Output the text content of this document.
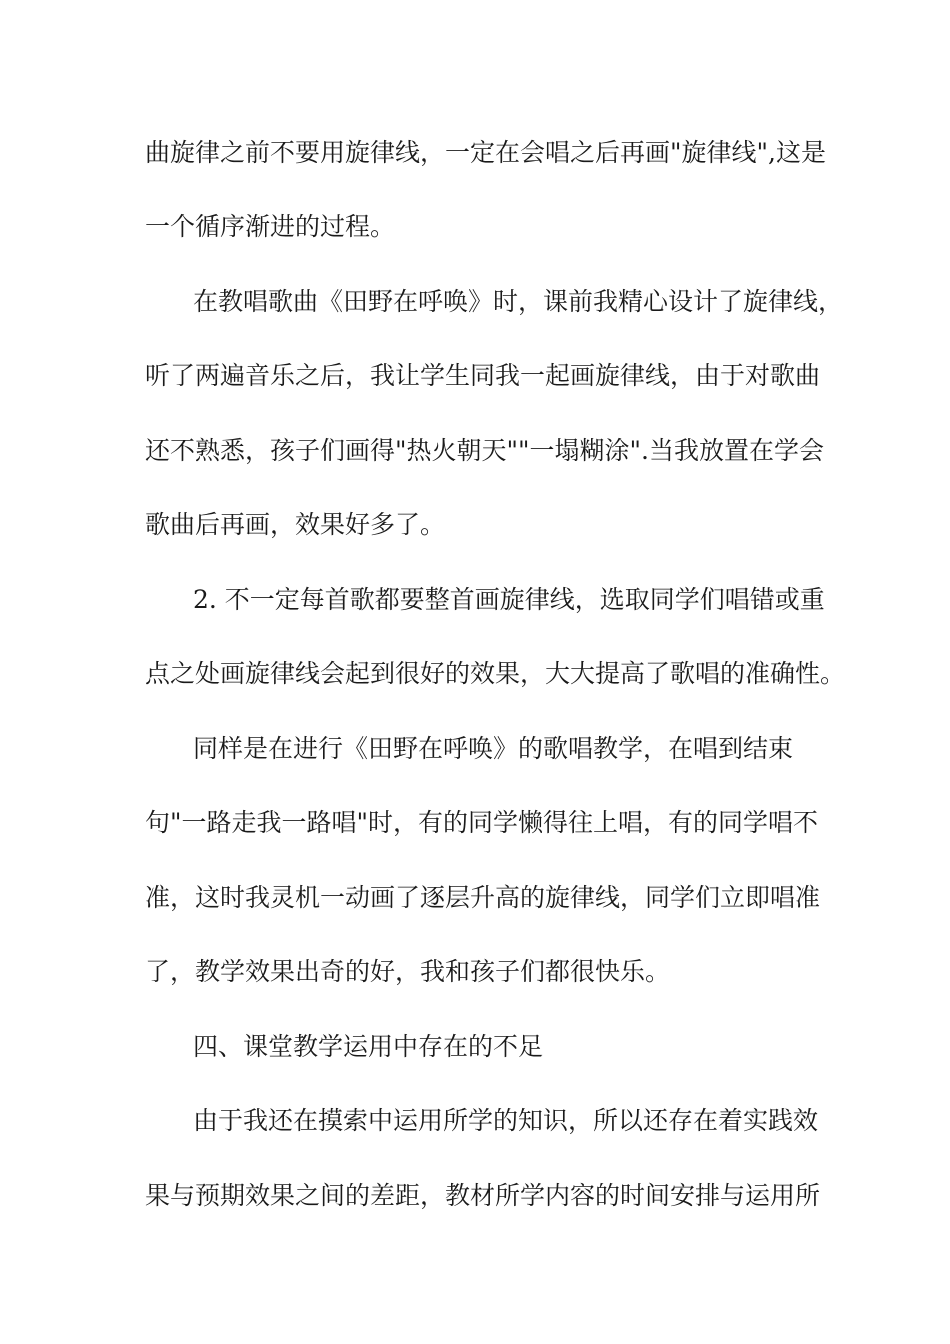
曲旋律之前不要用旋律线，一定在会唱之后再画"旋律线",这是
一个循序渐进的过程。
在教唱歌曲《田野在呼唤》时，课前我精心设计了旋律线，
听了两遍音乐之后，我让学生同我一起画旋律线，由于对歌曲
还不熟悉，孩子们画得"热火朝天""一塌糊涂".当我放置在学会
歌曲后再画，效果好多了。
2. 不一定每首歌都要整首画旋律线，选取同学们唱错或重
点之处画旋律线会起到很好的效果，大大提高了歌唱的准确性。
同样是在进行《田野在呼唤》的歌唱教学，在唱到结束
句"一路走我一路唱"时，有的同学懒得往上唱，有的同学唱不
准，这时我灵机一动画了逐层升高的旋律线，同学们立即唱准
了，教学效果出奇的好，我和孩子们都很快乐。
四、课堂教学运用中存在的不足
由于我还在摸索中运用所学的知识，所以还存在着实践效
果与预期效果之间的差距，教材所学内容的时间安排与运用所
